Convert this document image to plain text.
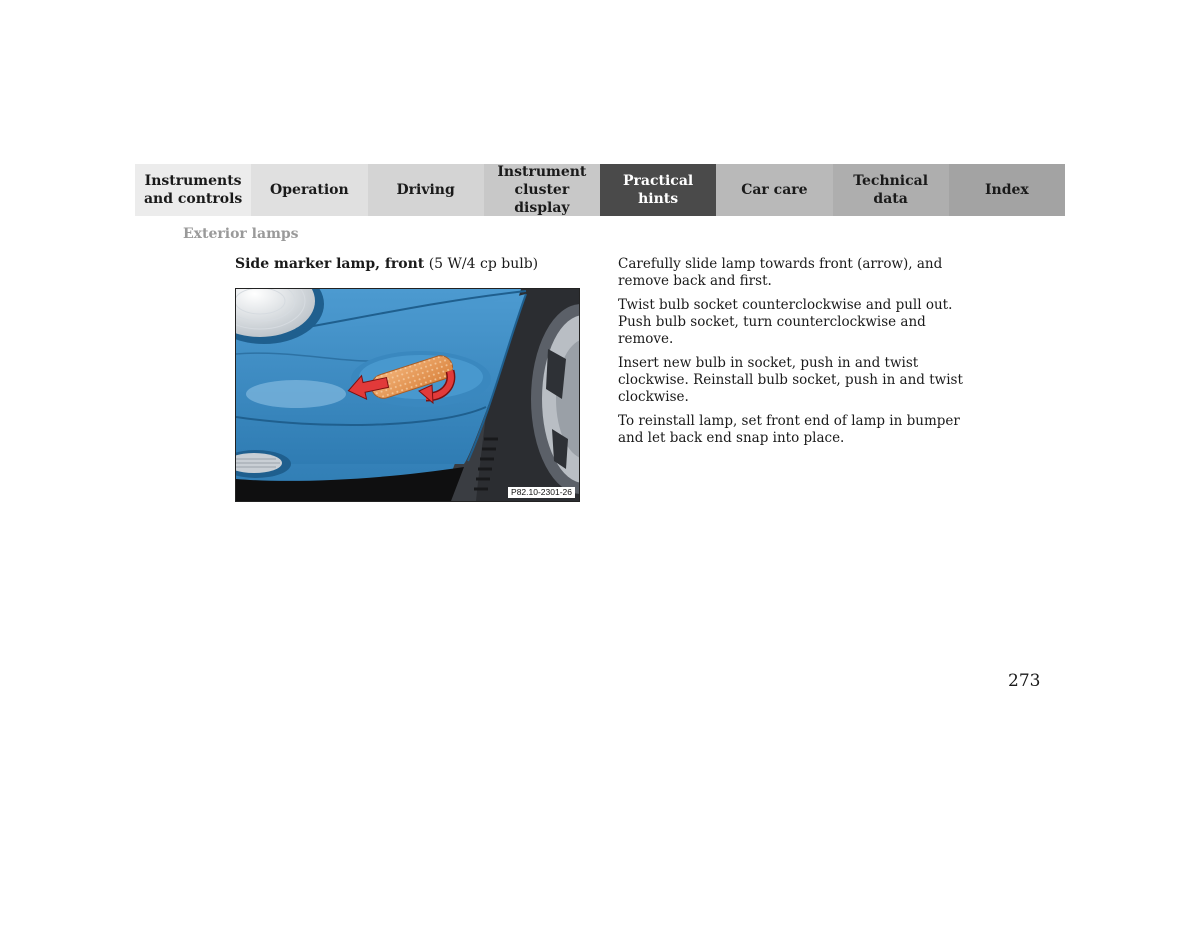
Instruments
and controls
Operation	Driving
Instrument
cluster display
Practical hints
Car care
Technical
data
Index
Exterior lamps
Side marker lamp, front (5 W/4 cp bulb)
P82.10-2301-26

Carefully slide lamp towards front (arrow), and remove back and first.

Twist bulb socket counterclockwise and pull out. Push bulb socket, turn counterclockwise and remove.

Insert new bulb in socket, push in and twist clockwise. Reinstall bulb socket, push in and twist clockwise.

To reinstall lamp, set front end of lamp in bumper and let back end snap into place.

273
